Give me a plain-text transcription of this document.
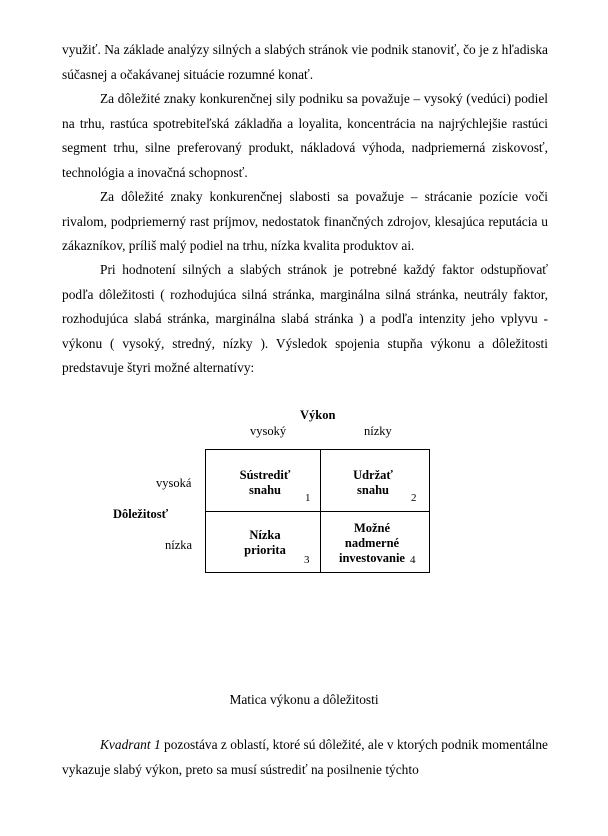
využiť. Na základe analýzy silných a slabých stránok vie podnik stanoviť, čo je z hľadiska súčasnej a očakávanej situácie rozumné konať.

Za dôležité znaky konkurenčnej sily podniku sa považuje – vysoký (vedúci) podiel na trhu, rastúca spotrebiteľská základňa a loyalita, koncentrácia na najrýchlejšie rastúci segment trhu, silne preferovaný produkt, nákladová výhoda, nadpriemerná ziskovosť, technológia a inovačná schopnosť.

Za dôležité znaky konkurenčnej slabosti sa považuje – strácanie pozície voči rivalom, podpriemerný rast príjmov, nedostatok finančných zdrojov, klesajúca reputácia u zákazníkov, príliš malý podiel na trhu, nízka kvalita produktov ai.

Pri hodnotení silných a slabých stránok je potrebné každý faktor odstupňovať podľa dôležitosti ( rozhodujúca silná stránka, marginálna silná stránka, neutrály faktor, rozhodujúca slabá stránka, marginálna slabá stránka ) a podľa intenzity jeho vplyvu - výkonu ( vysoký, stredný, nízky ). Výsledok spojenia stupňa výkonu a dôležitosti predstavuje štyri možné alternatívy:

Výkon
vysoký	nízky
vysoká
Dôležitosť
nízka
Sústrediť
snahu
1
Udržať
snahu
2
Nízka
priorita
3
Možné
nadmerné
investovanie 4
Matica výkonu a dôležitosti

Kvadrant 1 pozostáva z oblastí, ktoré sú dôležité, ale v ktorých podnik momentálne vykazuje slabý výkon, preto sa musí sústrediť na posilnenie týchto
